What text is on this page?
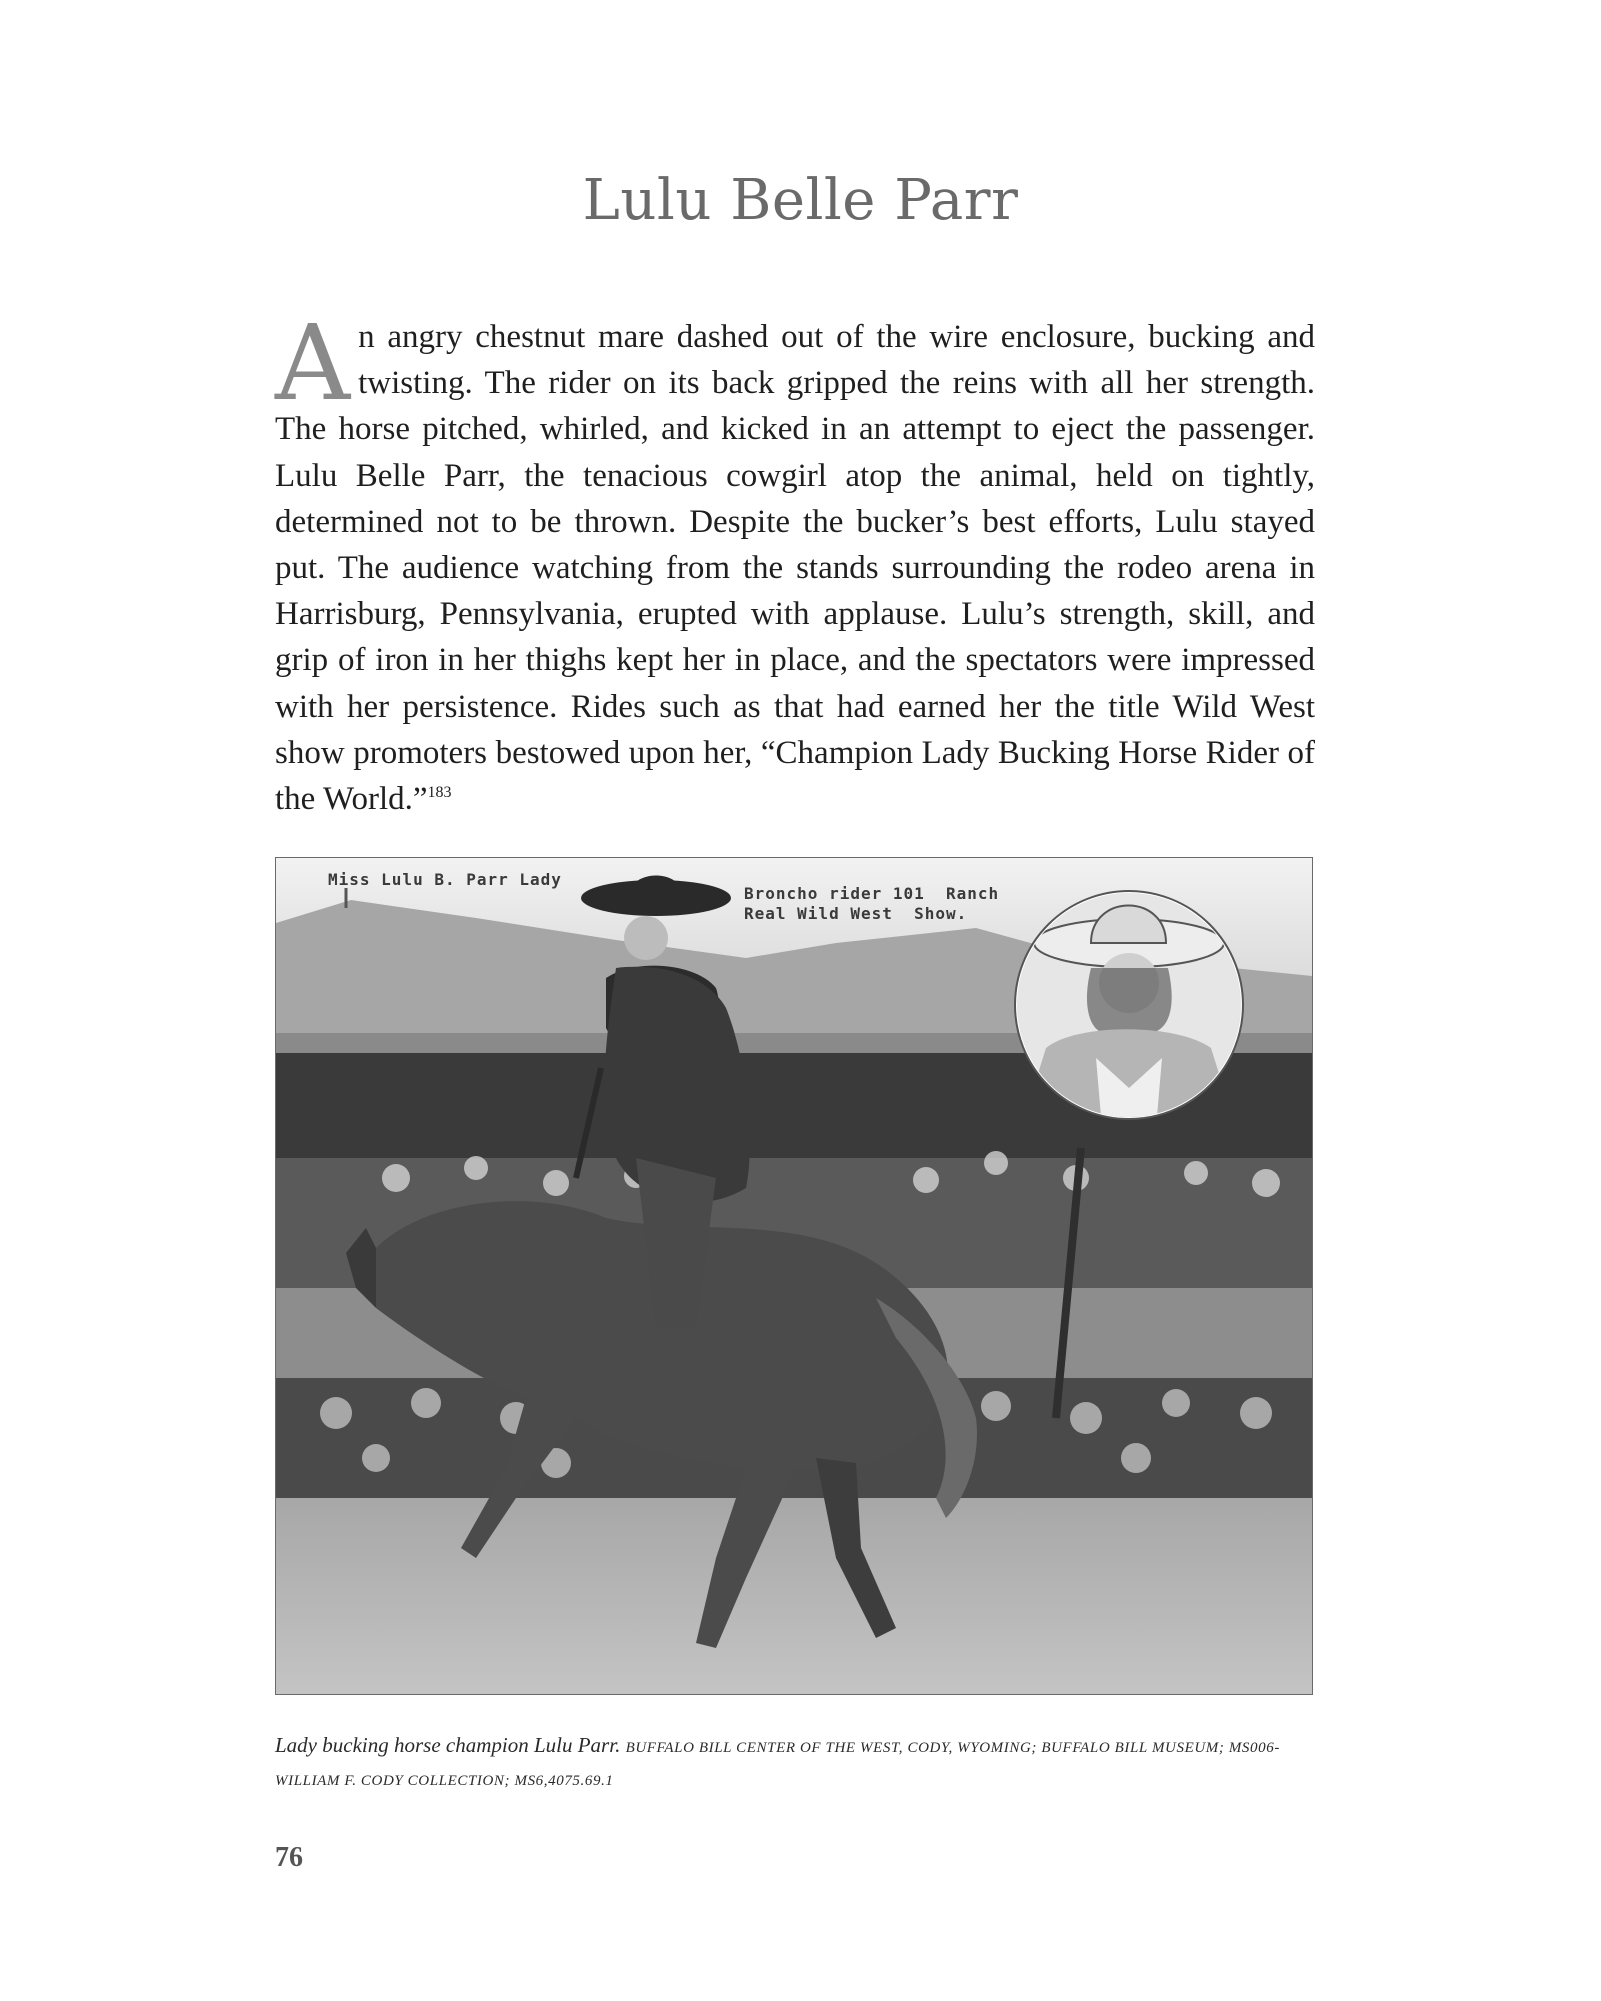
Lulu Belle Parr

An angry chestnut mare dashed out of the wire enclosure, bucking and twisting. The rider on its back gripped the reins with all her strength. The horse pitched, whirled, and kicked in an attempt to eject the passenger. Lulu Belle Parr, the tenacious cowgirl atop the animal, held on tightly, determined not to be thrown. Despite the bucker’s best efforts, Lulu stayed put. The audience watching from the stands surrounding the rodeo arena in Harrisburg, Pennsylvania, erupted with applause. Lulu’s strength, skill, and grip of iron in her thighs kept her in place, and the spectators were impressed with her persistence. Rides such as that had earned her the title Wild West show promoters bestowed upon her, “Champion Lady Bucking Horse Rider of the World.”$^{183}$

Miss Lulu B. Parr Lady
Broncho rider 101  Ranch
Real Wild West  Show.

Lady bucking horse champion Lulu Parr. BUFFALO BILL CENTER OF THE WEST, CODY, WYOMING; BUFFALO BILL MUSEUM; MS006-WILLIAM F. CODY COLLECTION; MS6,4075.69.1

76
